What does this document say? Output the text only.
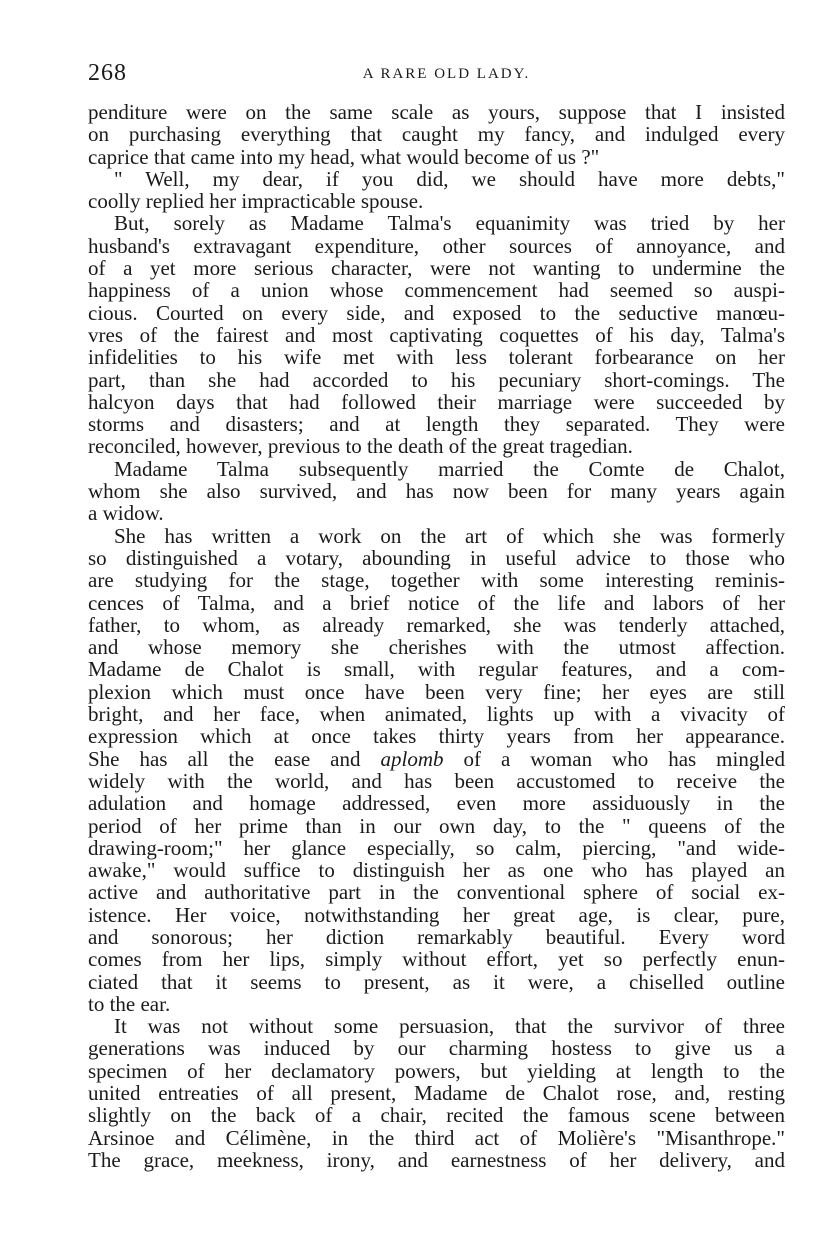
268	A RARE OLD LADY.
penditure were on the same scale as yours, suppose that I insisted
on purchasing everything that caught my fancy, and indulged every
caprice that came into my head, what would become of us ?"
" Well, my dear, if you did, we should have more debts,"
coolly replied her impracticable spouse.
But, sorely as Madame Talma's equanimity was tried by her
husband's extravagant expenditure, other sources of annoyance, and
of a yet more serious character, were not wanting to undermine the
happiness of a union whose commencement had seemed so auspi-
cious. Courted on every side, and exposed to the seductive manœu-
vres of the fairest and most captivating coquettes of his day, Talma's
infidelities to his wife met with less tolerant forbearance on her
part, than she had accorded to his pecuniary short-comings. The
halcyon days that had followed their marriage were succeeded by
storms and disasters; and at length they separated. They were
reconciled, however, previous to the death of the great tragedian.
Madame Talma subsequently married the Comte de Chalot,
whom she also survived, and has now been for many years again
a widow.
She has written a work on the art of which she was formerly
so distinguished a votary, abounding in useful advice to those who
are studying for the stage, together with some interesting reminis-
cences of Talma, and a brief notice of the life and labors of her
father, to whom, as already remarked, she was tenderly attached,
and whose memory she cherishes with the utmost affection.
Madame de Chalot is small, with regular features, and a com-
plexion which must once have been very fine; her eyes are still
bright, and her face, when animated, lights up with a vivacity of
expression which at once takes thirty years from her appearance.
She has all the ease and aplomb of a woman who has mingled
widely with the world, and has been accustomed to receive the
adulation and homage addressed, even more assiduously in the
period of her prime than in our own day, to the " queens of the
drawing-room;" her glance especially, so calm, piercing, "and wide-
awake," would suffice to distinguish her as one who has played an
active and authoritative part in the conventional sphere of social ex-
istence. Her voice, notwithstanding her great age, is clear, pure,
and sonorous; her diction remarkably beautiful. Every word
comes from her lips, simply without effort, yet so perfectly enun-
ciated that it seems to present, as it were, a chiselled outline
to the ear.
It was not without some persuasion, that the survivor of three
generations was induced by our charming hostess to give us a
specimen of her declamatory powers, but yielding at length to the
united entreaties of all present, Madame de Chalot rose, and, resting
slightly on the back of a chair, recited the famous scene between
Arsinoe and Célimène, in the third act of Molière's "Misanthrope."
The grace, meekness, irony, and earnestness of her delivery, and
